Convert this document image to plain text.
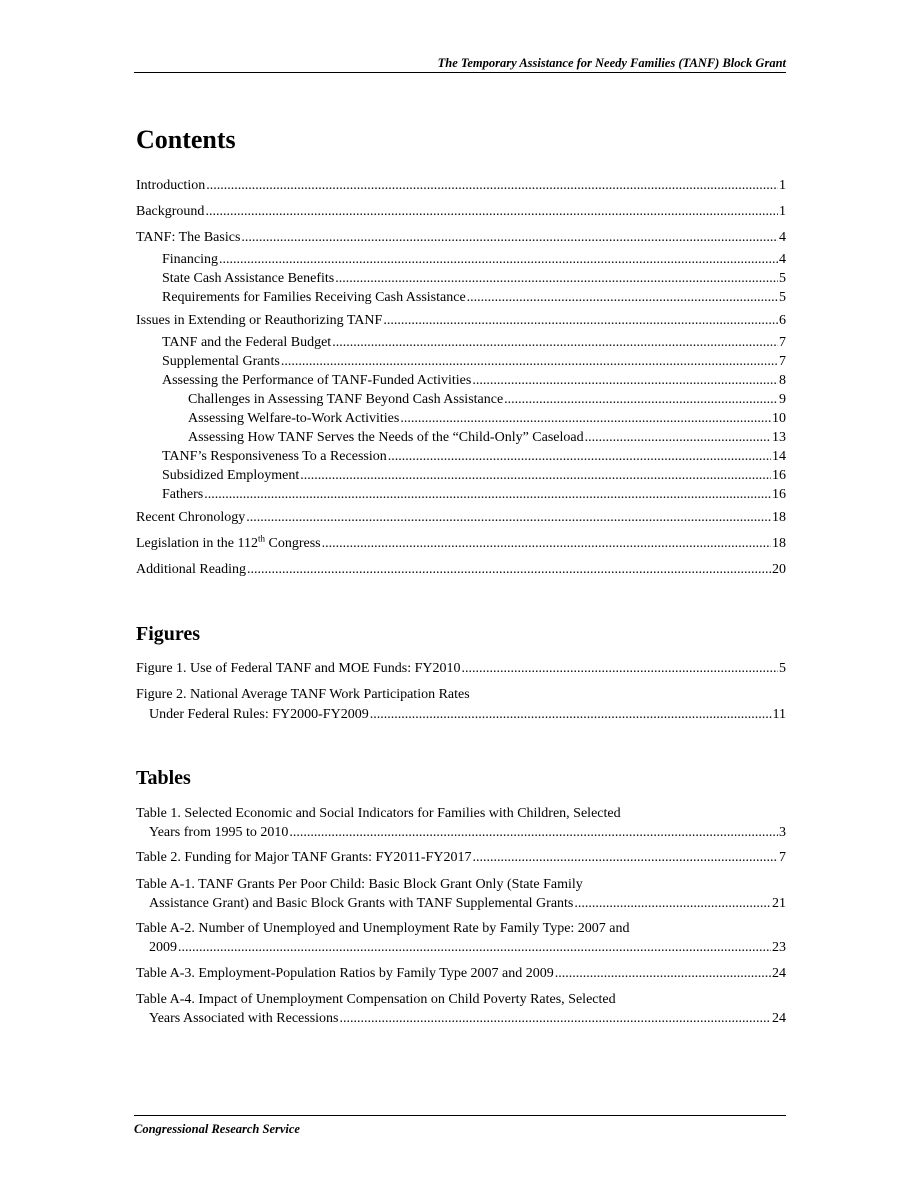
The Temporary Assistance for Needy Families (TANF) Block Grant
Contents
Introduction .....	1
Background .....	1
TANF: The Basics .....	4
Financing .....	4
State Cash Assistance Benefits .....	5
Requirements for Families Receiving Cash Assistance .....	5
Issues in Extending or Reauthorizing TANF .....	6
TANF and the Federal Budget .....	7
Supplemental Grants .....	7
Assessing the Performance of TANF-Funded Activities .....	8
Challenges in Assessing TANF Beyond Cash Assistance .....	9
Assessing Welfare-to-Work Activities .....	10
Assessing How TANF Serves the Needs of the “Child-Only” Caseload .....	13
TANF’s Responsiveness To a Recession .....	14
Subsidized Employment .....	16
Fathers .....	16
Recent Chronology .....	18
Legislation in the 112th Congress .....	18
Additional Reading .....	20
Figures
Figure 1. Use of Federal TANF and MOE Funds: FY2010 .....	5
Figure 2. National Average TANF Work Participation Rates
Under Federal Rules: FY2000-FY2009 .....	11
Tables
Table 1. Selected Economic and Social Indicators for Families with Children, Selected
Years from 1995 to 2010 .....	3
Table 2. Funding for Major TANF Grants: FY2011-FY2017 .....	7
Table A-1. TANF Grants Per Poor Child: Basic Block Grant Only (State Family
Assistance Grant) and Basic Block Grants with TANF Supplemental Grants .....	21
Table A-2. Number of Unemployed and Unemployment Rate by Family Type: 2007 and
2009 .....	23
Table A-3. Employment-Population Ratios by Family Type 2007 and 2009 .....	24
Table A-4. Impact of Unemployment Compensation on Child Poverty Rates, Selected
Years Associated with Recessions .....	24
Congressional Research Service
